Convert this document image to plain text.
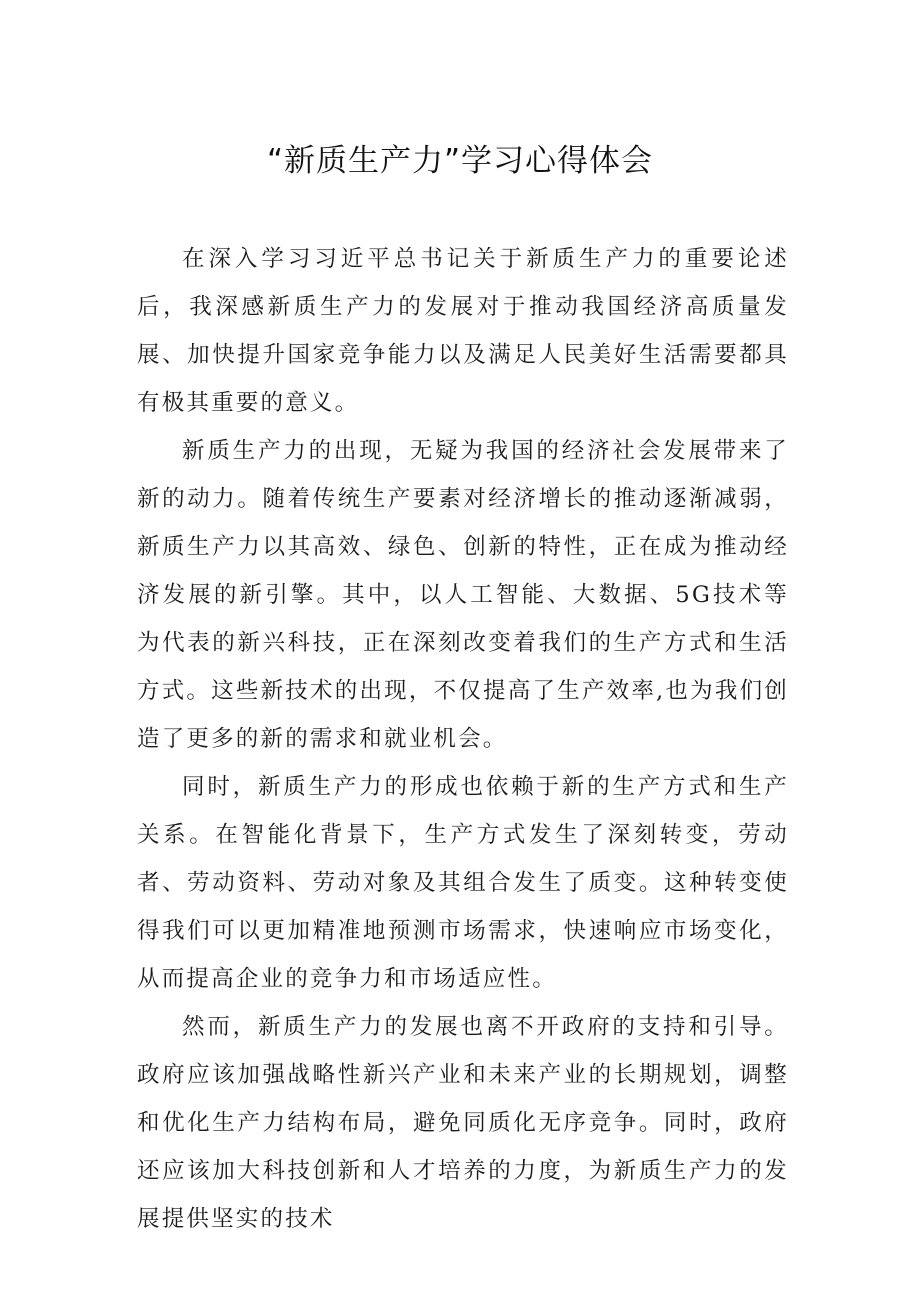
“新质生产力”学习心得体会

在深入学习习近平总书记关于新质生产力的重要论述后，我深感新质生产力的发展对于推动我国经济高质量发展、加快提升国家竞争能力以及满足人民美好生活需要都具有极其重要的意义。

新质生产力的出现，无疑为我国的经济社会发展带来了新的动力。随着传统生产要素对经济增长的推动逐渐减弱，新质生产力以其高效、绿色、创新的特性，正在成为推动经济发展的新引擎。其中，以人工智能、大数据、5G技术等为代表的新兴科技，正在深刻改变着我们的生产方式和生活方式。这些新技术的出现，不仅提高了生产效率,也为我们创造了更多的新的需求和就业机会。

同时，新质生产力的形成也依赖于新的生产方式和生产关系。在智能化背景下，生产方式发生了深刻转变，劳动者、劳动资料、劳动对象及其组合发生了质变。这种转变使得我们可以更加精准地预测市场需求，快速响应市场变化，从而提高企业的竞争力和市场适应性。

然而，新质生产力的发展也离不开政府的支持和引导。政府应该加强战略性新兴产业和未来产业的长期规划，调整和优化生产力结构布局，避免同质化无序竞争。同时，政府还应该加大科技创新和人才培养的力度，为新质生产力的发展提供坚实的技术
